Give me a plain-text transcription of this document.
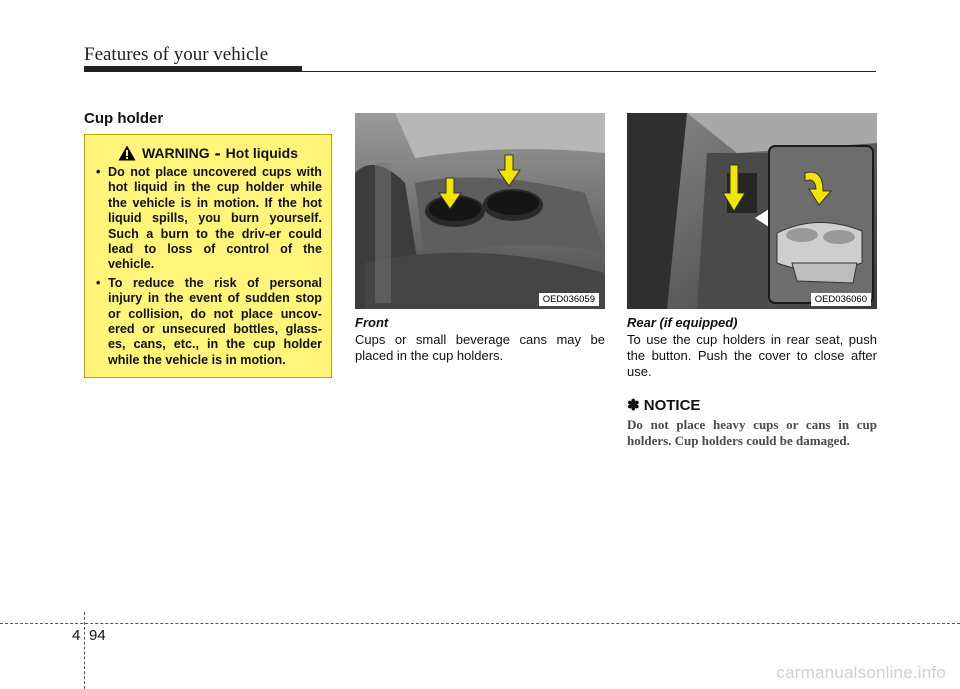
Features of your vehicle
Cup holder
WARNING - Hot liquids
• Do not place uncovered cups with hot liquid in the cup holder while the vehicle is in motion. If the hot liquid spills, you burn yourself. Such a burn to the driv-er could lead to loss of control of the vehicle.
• To reduce the risk of personal injury in the event of sudden stop or collision, do not place uncov-ered or unsecured bottles, glass-es, cans, etc., in the cup holder while the vehicle is in motion.
OED036059	OED036060
Front
Cups or small beverage cans may be placed in the cup holders.
Rear (if equipped)
To use the cup holders in rear seat, push the button. Push the cover to close after use.
✽ NOTICE
Do not place heavy cups or cans in cup holders. Cup holders could be damaged.
4 94
carmanualsonline.info
